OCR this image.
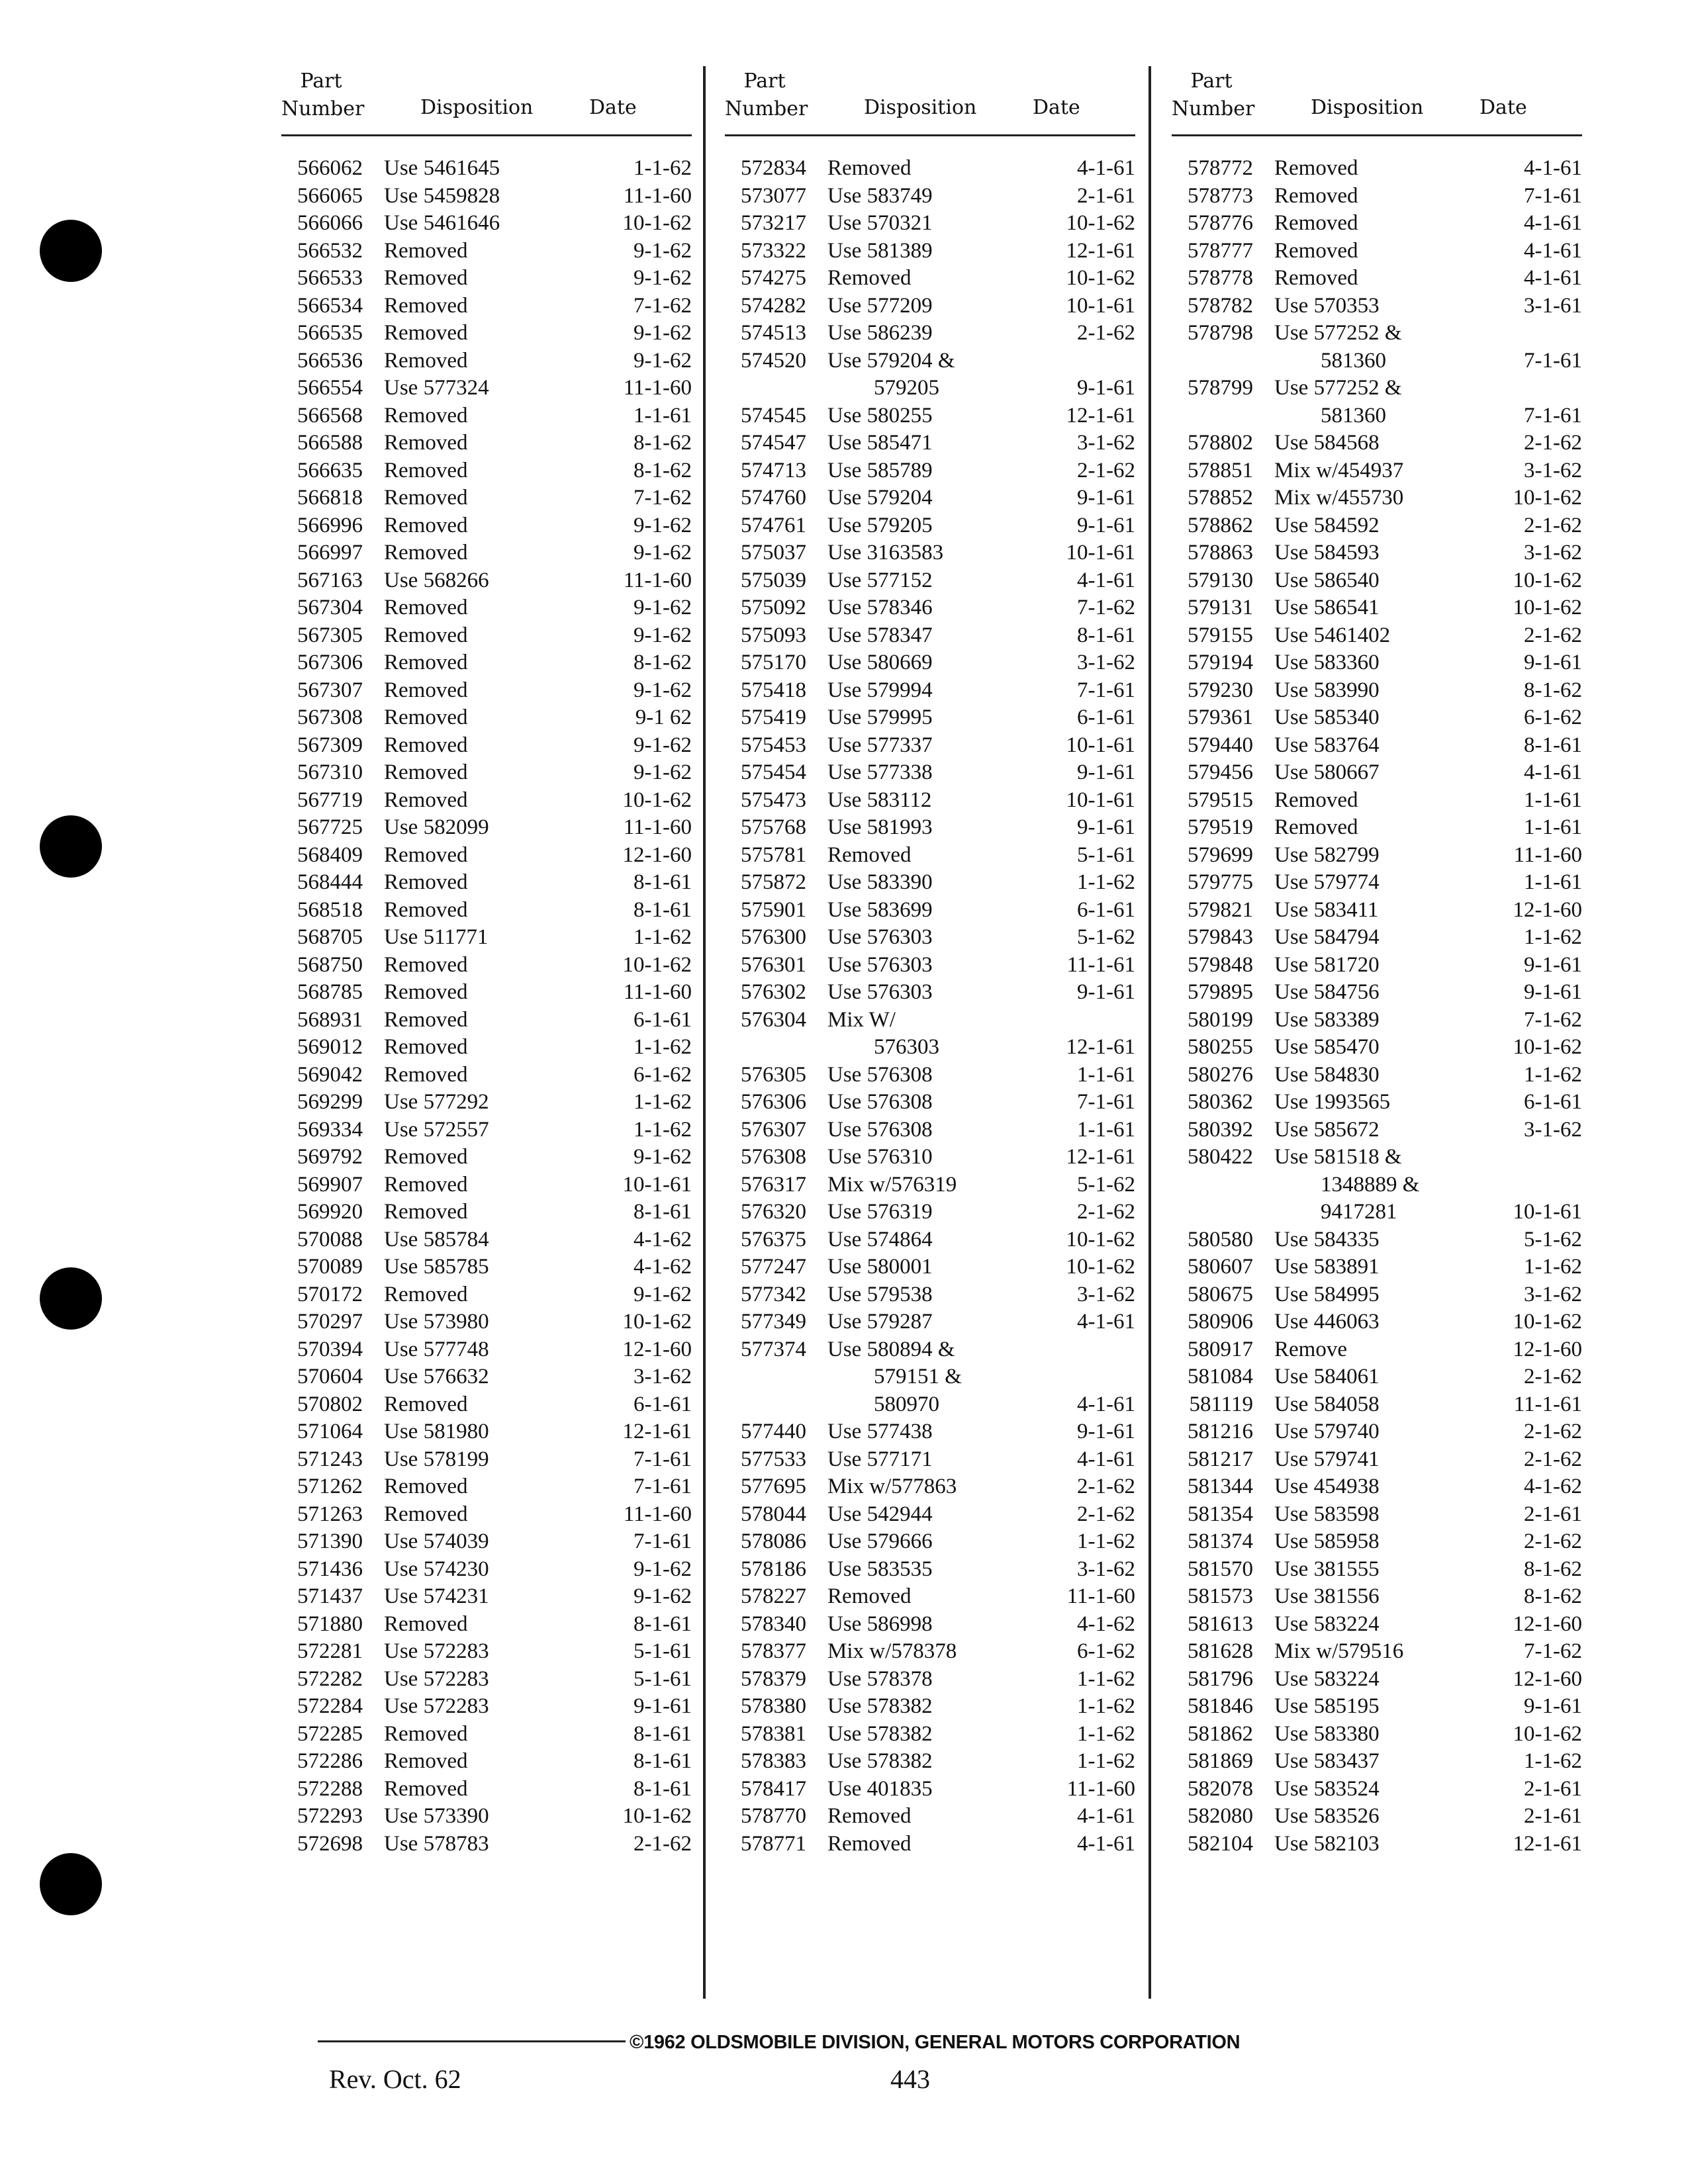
Part
Number	Disposition	Date
566062 Use 5461645	1-1-62
566065 Use 5459828	11-1-60
566066 Use 5461646	10-1-62
566532 Removed	9-1-62
566533 Removed	9-1-62
566534 Removed	7-1-62
566535 Removed	9-1-62
566536 Removed	9-1-62
566554 Use 577324	11-1-60
566568 Removed	1-1-61
566588 Removed	8-1-62
566635 Removed	8-1-62
566818 Removed	7-1-62
566996 Removed	9-1-62
566997 Removed	9-1-62
567163 Use 568266	11-1-60
567304 Removed	9-1-62
567305 Removed	9-1-62
567306 Removed	8-1-62
567307 Removed	9-1-62
567308 Removed	9-1 62
567309 Removed	9-1-62
567310 Removed	9-1-62
567719 Removed	10-1-62
567725 Use 582099	11-1-60
568409 Removed	12-1-60
568444 Removed	8-1-61
568518 Removed	8-1-61
568705 Use 511771	1-1-62
568750 Removed	10-1-62
568785 Removed	11-1-60
568931 Removed	6-1-61
569012 Removed	1-1-62
569042 Removed	6-1-62
569299 Use 577292	1-1-62
569334 Use 572557	1-1-62
569792 Removed	9-1-62
569907 Removed	10-1-61
569920 Removed	8-1-61
570088 Use 585784	4-1-62
570089 Use 585785	4-1-62
570172 Removed	9-1-62
570297 Use 573980	10-1-62
570394 Use 577748	12-1-60
570604 Use 576632	3-1-62
570802 Removed	6-1-61
571064 Use 581980	12-1-61
571243 Use 578199	7-1-61
571262 Removed	7-1-61
571263 Removed	11-1-60
571390 Use 574039	7-1-61
571436 Use 574230	9-1-62
571437 Use 574231	9-1-62
571880 Removed	8-1-61
572281 Use 572283	5-1-61
572282 Use 572283	5-1-61
572284 Use 572283	9-1-61
572285 Removed	8-1-61
572286 Removed	8-1-61
572288 Removed	8-1-61
572293 Use 573390	10-1-62
572698 Use 578783	2-1-62
Part
Number	Disposition	Date
572834 Removed	4-1-61
573077 Use 583749	2-1-61
573217 Use 570321	10-1-62
573322 Use 581389	12-1-61
574275 Removed	10-1-62
574282 Use 577209	10-1-61
574513 Use 586239	2-1-62
574520 Use 579204 &
579205	9-1-61
574545 Use 580255	12-1-61
574547 Use 585471	3-1-62
574713 Use 585789	2-1-62
574760 Use 579204	9-1-61
574761 Use 579205	9-1-61
575037 Use 3163583	10-1-61
575039 Use 577152	4-1-61
575092 Use 578346	7-1-62
575093 Use 578347	8-1-61
575170 Use 580669	3-1-62
575418 Use 579994	7-1-61
575419 Use 579995	6-1-61
575453 Use 577337	10-1-61
575454 Use 577338	9-1-61
575473 Use 583112	10-1-61
575768 Use 581993	9-1-61
575781 Removed	5-1-61
575872 Use 583390	1-1-62
575901 Use 583699	6-1-61
576300 Use 576303	5-1-62
576301 Use 576303	11-1-61
576302 Use 576303	9-1-61
576304 Mix W/
576303	12-1-61
576305 Use 576308	1-1-61
576306 Use 576308	7-1-61
576307 Use 576308	1-1-61
576308 Use 576310	12-1-61
576317 Mix w/576319	5-1-62
576320 Use 576319	2-1-62
576375 Use 574864	10-1-62
577247 Use 580001	10-1-62
577342 Use 579538	3-1-62
577349 Use 579287	4-1-61
577374 Use 580894 &
579151 &
580970	4-1-61
577440 Use 577438	9-1-61
577533 Use 577171	4-1-61
577695 Mix w/577863	2-1-62
578044 Use 542944	2-1-62
578086 Use 579666	1-1-62
578186 Use 583535	3-1-62
578227 Removed	11-1-60
578340 Use 586998	4-1-62
578377 Mix w/578378	6-1-62
578379 Use 578378	1-1-62
578380 Use 578382	1-1-62
578381 Use 578382	1-1-62
578383 Use 578382	1-1-62
578417 Use 401835	11-1-60
578770 Removed	4-1-61
578771 Removed	4-1-61
Part
Number	Disposition	Date
578772 Removed	4-1-61
578773 Removed	7-1-61
578776 Removed	4-1-61
578777 Removed	4-1-61
578778 Removed	4-1-61
578782 Use 570353	3-1-61
578798 Use 577252 &
581360	7-1-61
578799 Use 577252 &
581360	7-1-61
578802 Use 584568	2-1-62
578851 Mix w/454937	3-1-62
578852 Mix w/455730	10-1-62
578862 Use 584592	2-1-62
578863 Use 584593	3-1-62
579130 Use 586540	10-1-62
579131 Use 586541	10-1-62
579155 Use 5461402	2-1-62
579194 Use 583360	9-1-61
579230 Use 583990	8-1-62
579361 Use 585340	6-1-62
579440 Use 583764	8-1-61
579456 Use 580667	4-1-61
579515 Removed	1-1-61
579519 Removed	1-1-61
579699 Use 582799	11-1-60
579775 Use 579774	1-1-61
579821 Use 583411	12-1-60
579843 Use 584794	1-1-62
579848 Use 581720	9-1-61
579895 Use 584756	9-1-61
580199 Use 583389	7-1-62
580255 Use 585470	10-1-62
580276 Use 584830	1-1-62
580362 Use 1993565	6-1-61
580392 Use 585672	3-1-62
580422 Use 581518 &
1348889 &
9417281	10-1-61
580580 Use 584335	5-1-62
580607 Use 583891	1-1-62
580675 Use 584995	3-1-62
580906 Use 446063	10-1-62
580917 Remove	12-1-60
581084 Use 584061	2-1-62
581119 Use 584058	11-1-61
581216 Use 579740	2-1-62
581217 Use 579741	2-1-62
581344 Use 454938	4-1-62
581354 Use 583598	2-1-61
581374 Use 585958	2-1-62
581570 Use 381555	8-1-62
581573 Use 381556	8-1-62
581613 Use 583224	12-1-60
581628 Mix w/579516	7-1-62
581796 Use 583224	12-1-60
581846 Use 585195	9-1-61
581862 Use 583380	10-1-62
581869 Use 583437	1-1-62
582078 Use 583524	2-1-61
582080 Use 583526	2-1-61
582104 Use 582103	12-1-61
©1962 OLDSMOBILE DIVISION, GENERAL MOTORS CORPORATION
Rev. Oct. 62	443
